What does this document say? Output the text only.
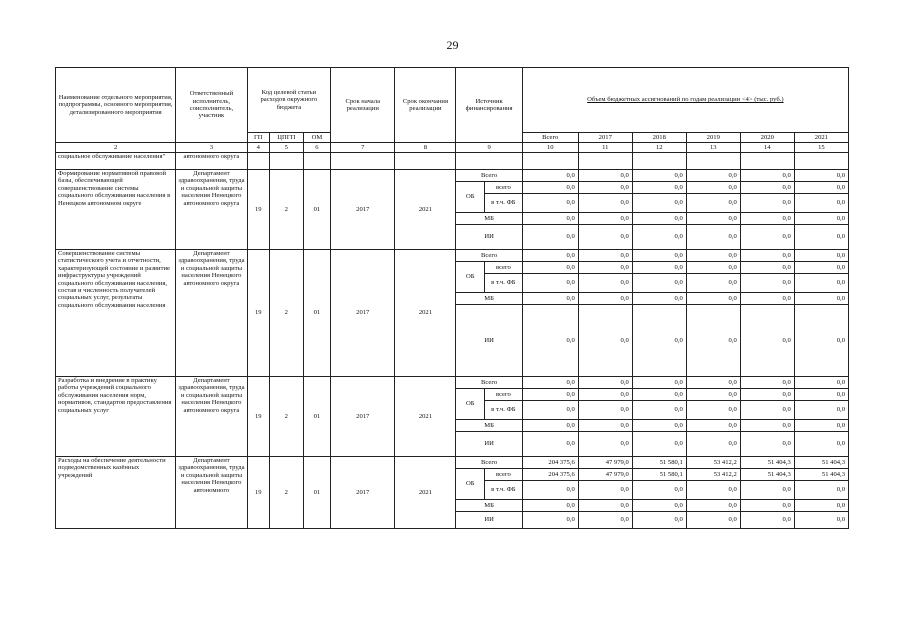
29
Наименование отдельного мероприятия, подпрограммы, основного мероприятия, детализированного мероприятия	Ответственный исполнитель, соисполнитель, участник	Код целевой статьи расходов окружного бюджета			Срок начала реализации	Срок окончания реализации	Источник финансирования		Объем бюджетных ассигнований по годам реализации <4> (тыс. руб.)					
		ГП	ЦПГП	ОМ					Всего	2017	2018	2019	2020	2021
2	3	4	5	6	7	8	9		10	11	12	13	14	15
социальное обслуживание населения"	автономного округа													
Формирование нормативной правовой базы, обеспечивающей совершенствование системы социального обслуживания населения в Ненецком автономном округе	Департамент здравоохранения, труда и социальной защиты населения Ненецкого автономного округа	19	2	01	2017	2021	Всего		0,0	0,0	0,0	0,0	0,0	0,0
							ОБ	всего	0,0	0,0	0,0	0,0	0,0	0,0
								в т.ч. ФБ	0,0	0,0	0,0	0,0	0,0	0,0
							МБ		0,0	0,0	0,0	0,0	0,0	0,0
							ИИ		0,0	0,0	0,0	0,0	0,0	0,0
Совершенствование системы статистического учета и отчетности, характеризующей состояние и развитие инфраструктуры учреждений социального обслуживания населения, состав и численность получателей социальных услуг, результаты социального обслуживания населения	Департамент здравоохранения, труда и социальной защиты населения Ненецкого автономного округа	19	2	01	2017	2021	Всего		0,0	0,0	0,0	0,0	0,0	0,0
							ОБ	всего	0,0	0,0	0,0	0,0	0,0	0,0
								в т.ч. ФБ	0,0	0,0	0,0	0,0	0,0	0,0
							МБ		0,0	0,0	0,0	0,0	0,0	0,0
							ИИ		0,0	0,0	0,0	0,0	0,0	0,0
Разработка и внедрение в практику работы учреждений социального обслуживания населения норм, нормативов, стандартов предоставления социальных услуг	Департамент здравоохранения, труда и социальной защиты населения Ненецкого автономного округа	19	2	01	2017	2021	Всего		0,0	0,0	0,0	0,0	0,0	0,0
							ОБ	всего	0,0	0,0	0,0	0,0	0,0	0,0
								в т.ч. ФБ	0,0	0,0	0,0	0,0	0,0	0,0
							МБ		0,0	0,0	0,0	0,0	0,0	0,0
							ИИ		0,0	0,0	0,0	0,0	0,0	0,0
Расходы на обеспечение деятельности подведомственных казённых учреждений	Департамент здравоохранения, труда и социальной защиты населения Ненецкого автономного	19	2	01	2017	2021	Всего		204 375,6	47 979,0	51 580,1	53 412,2	51 404,3	51 404,3
							ОБ	всего	204 375,6	47 979,0	51 580,1	53 412,2	51 404,3	51 404,3
								в т.ч. ФБ	0,0	0,0	0,0	0,0	0,0	0,0
							МБ		0,0	0,0	0,0	0,0	0,0	0,0
							ИИ		0,0	0,0	0,0	0,0	0,0	0,0
